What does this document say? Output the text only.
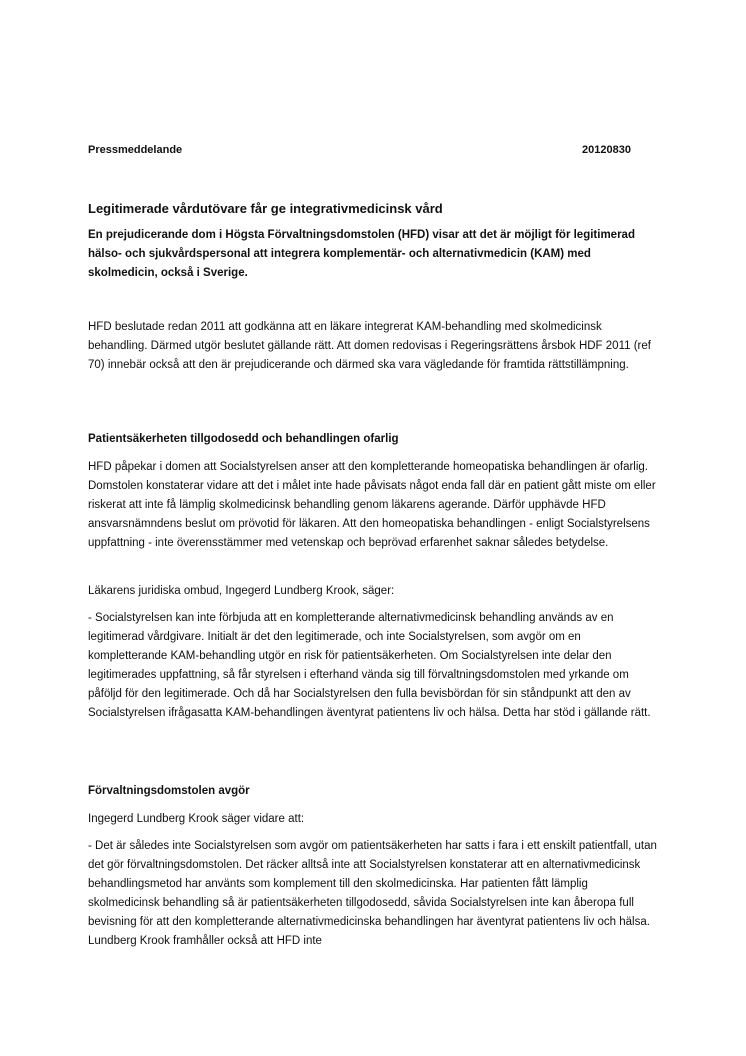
Pressmeddelande	20120830
Legitimerade vårdutövare får ge integrativmedicinsk vård

En prejudicerande dom i Högsta Förvaltningsdomstolen (HFD) visar att det är möjligt för legitimerad hälso- och sjukvårdspersonal att integrera komplementär- och alternativmedicin (KAM) med skolmedicin, också i Sverige.

HFD beslutade redan 2011 att godkänna att en läkare integrerat KAM-behandling med skolmedicinsk behandling. Därmed utgör beslutet gällande rätt. Att domen redovisas i Regeringsrättens årsbok HDF 2011 (ref 70) innebär också att den är prejudicerande och därmed ska vara vägledande för framtida rättstillämpning.

Patientsäkerheten tillgodosedd och behandlingen ofarlig

HFD påpekar i domen att Socialstyrelsen anser att den kompletterande homeopatiska behandlingen är ofarlig. Domstolen konstaterar vidare att det i målet inte hade påvisats något enda fall där en patient gått miste om eller riskerat att inte få lämplig skolmedicinsk behandling genom läkarens agerande. Därför upphävde HFD ansvarsnämndens beslut om prövotid för läkaren. Att den homeopatiska behandlingen - enligt Socialstyrelsens uppfattning - inte överensstämmer med vetenskap och beprövad erfarenhet saknar således betydelse.

Läkarens juridiska ombud, Ingegerd Lundberg Krook, säger:

- Socialstyrelsen kan inte förbjuda att en kompletterande alternativmedicinsk behandling används av en legitimerad vårdgivare. Initialt är det den legitimerade, och inte Socialstyrelsen, som avgör om en kompletterande KAM-behandling utgör en risk för patientsäkerheten. Om Socialstyrelsen inte delar den legitimerades uppfattning, så får styrelsen i efterhand vända sig till förvaltningsdomstolen med yrkande om påföljd för den legitimerade. Och då har Socialstyrelsen den fulla bevisbördan för sin ståndpunkt att den av Socialstyrelsen ifrågasatta KAM-behandlingen äventyrat patientens liv och hälsa. Detta har stöd i gällande rätt.

Förvaltningsdomstolen avgör

Ingegerd Lundberg Krook säger vidare att:

- Det är således inte Socialstyrelsen som avgör om patientsäkerheten har satts i fara i ett enskilt patientfall, utan det gör förvaltningsdomstolen. Det räcker alltså inte att Socialstyrelsen konstaterar att en alternativmedicinsk behandlingsmetod har använts som komplement till den skolmedicinska. Har patienten fått lämplig skolmedicinsk behandling så är patientsäkerheten tillgodosedd, såvida Socialstyrelsen inte kan åberopa full bevisning för att den kompletterande alternativmedicinska behandlingen har äventyrat patientens liv och hälsa. Lundberg Krook framhåller också att HFD inte
